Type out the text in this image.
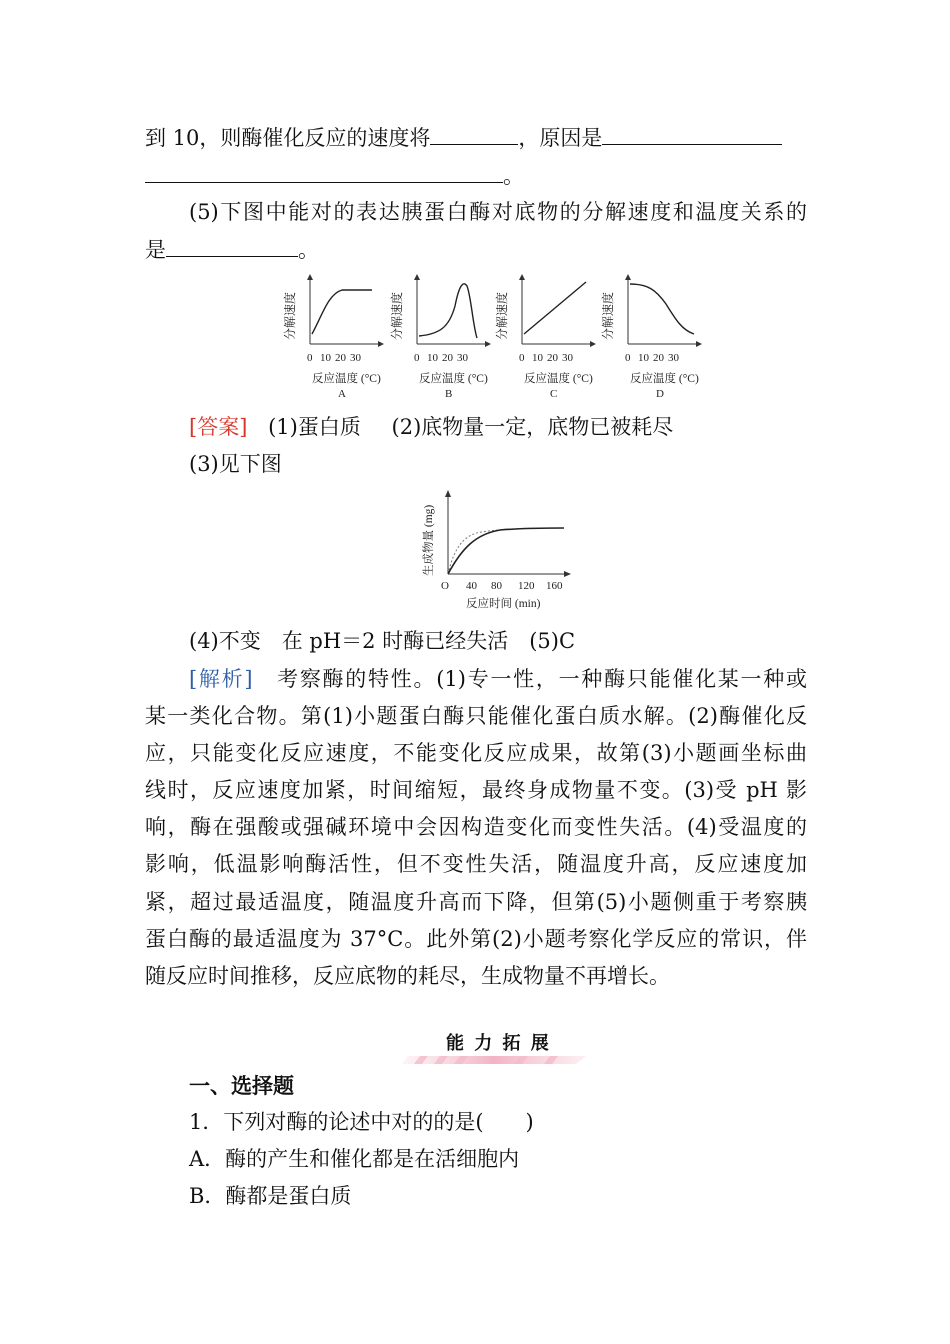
到 10，则酶催化反应的速度将	，原因是
。
(5)下图中能对的表达胰蛋白酶对底物的分解速度和温度关系的
是	。
分解速度
0 10 20 30
反应温度 (°C)
A
分解速度
0 10 20 30
反应温度 (°C)
B
分解速度
0 10 20 30
反应温度 (°C)
C
分解速度
0 10 20 30
反应温度 (°C)
D
[答案] (1)蛋白质 (2)底物量一定，底物已被耗尽
(3)见下图
生成物量 (mg)
O 40 80 120 160
反应时间 (min)
(4)不变　在 pH＝2 时酶已经失活　(5)C
[解析]　考察酶的特性。(1)专一性，一种酶只能催化某一种或
某一类化合物。第(1)小题蛋白酶只能催化蛋白质水解。(2)酶催化反
应，只能变化反应速度，不能变化反应成果，故第(3)小题画坐标曲
线时，反应速度加紧，时间缩短，最终身成物量不变。(3)受 pH 影
响，酶在强酸或强碱环境中会因构造变化而变性失活。(4)受温度的
影响，低温影响酶活性，但不变性失活，随温度升高，反应速度加
紧，超过最适温度，随温度升高而下降，但第(5)小题侧重于考察胰
蛋白酶的最适温度为 37°C。此外第(2)小题考察化学反应的常识，伴
随反应时间推移，反应底物的耗尽，生成物量不再增长。
能 力 拓 展
一、选择题
1．下列对酶的论述中对的的是(　　)
A．酶的产生和催化都是在活细胞内
B．酶都是蛋白质
